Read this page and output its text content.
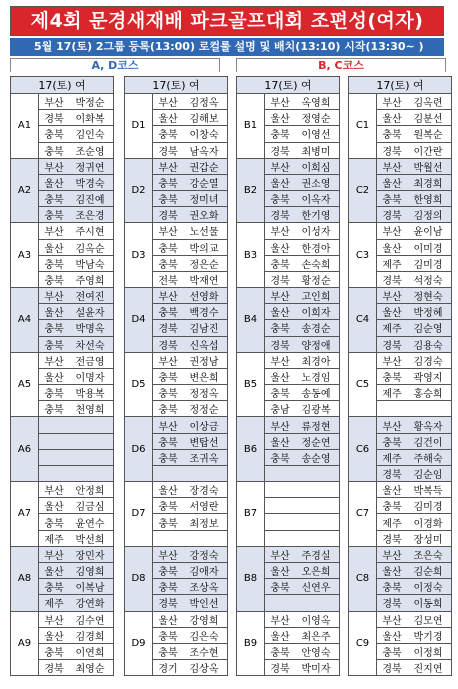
제4회 문경새재배 파크골프대회 조편성(여자)
5월 17(토) 2그룹 등록(13:00) 로컬룰 설명 및 배치(13:10) 시작(13:30~ )
A, D코스	B, C코스
17(토) 여
A1
부산	박정순
경북	이화복
충북	김인숙
충북	조순영
A2
부산	정귀연
울산	박경숙
충북	김진예
충북	조은경
A3
부산	주시현
울산	김옥순
충북	박남숙
충북	주영희
A4
부산	전여진
울산	설윤자
충북	박명옥
충북	차선숙
A5
부산	전금영
울산	이명자
충북	박용복
충북	천영희
A6
A7
부산	안정희
울산	김금심
충북	윤연수
제주	박선희
A8
부산	장민자
울산	김영희
충북	이복남
제주	강연화
A9
부산	김수연
울산	김경희
충북	이연희
경북	최영순
17(토) 여
D1
부산	김정옥
울산	김해보
충북	이창숙
경북	남옥자
D2
부산	권갑순
충북	강순열
충북	정미녀
경북	권오화
D3
부산	노선물
충북	박의교
충북	정은순
전북	박재연
D4
부산	선영화
충북	백경수
경북	김남진
경북	신옥섭
D5
부산	권정남
충북	변은희
충북	정정옥
충북	정정순
D6
부산	이상금
충북	변탑선
충북	조귀옥
D7
울산	장경숙
충북	서영란
충북	최정보
D8
부산	강정숙
충북	김애자
충북	조상옥
경북	박인선
D9
울산	강영희
충북	김은숙
충북	조수현
경기	김상옥
17(토) 여
B1
부산	옥영희
울산	정영순
충북	이영선
경북	최병미
B2
부산	이희심
울산	권소영
충북	이옥자
경북	한기영
B3
부산	이성자
울산	한경아
충북	손숙희
경북	황정순
B4
부산	고인희
울산	이희자
충북	송경순
경북	양정애
B5
부산	최경아
울산	노경임
충북	송동예
충남	김광복
B6
부산	류정현
울산	정순연
충북	송순영
B7
B8
부산	주경실
울산	오은희
충북	신연우
B9
부산	이영옥
울산	최은주
충북	안영숙
경북	박미자
17(토) 여
C1
부산	김옥련
울산	김분선
충북	원복순
경북	이간란
C2
부산	박월선
울산	최경희
충북	한영희
경북	김정의
C3
부산	윤이남
울산	이미경
제주	김미경
경북	석정숙
C4
부산	정현숙
울산	박정혜
제주	김순영
경북	김용숙
C5
부산	김경숙
충북	곽영지
제주	홍승희
C6
부산	황옥자
충북	김건이
제주	주해숙
경북	김순임
C7
울산	박복득
충북	김미경
제주	이경화
경북	장성미
C8
부산	조은숙
울산	김순희
충북	이정숙
경북	이동희
C9
부산	김모연
울산	박기경
충북	이정희
경북	진지연
